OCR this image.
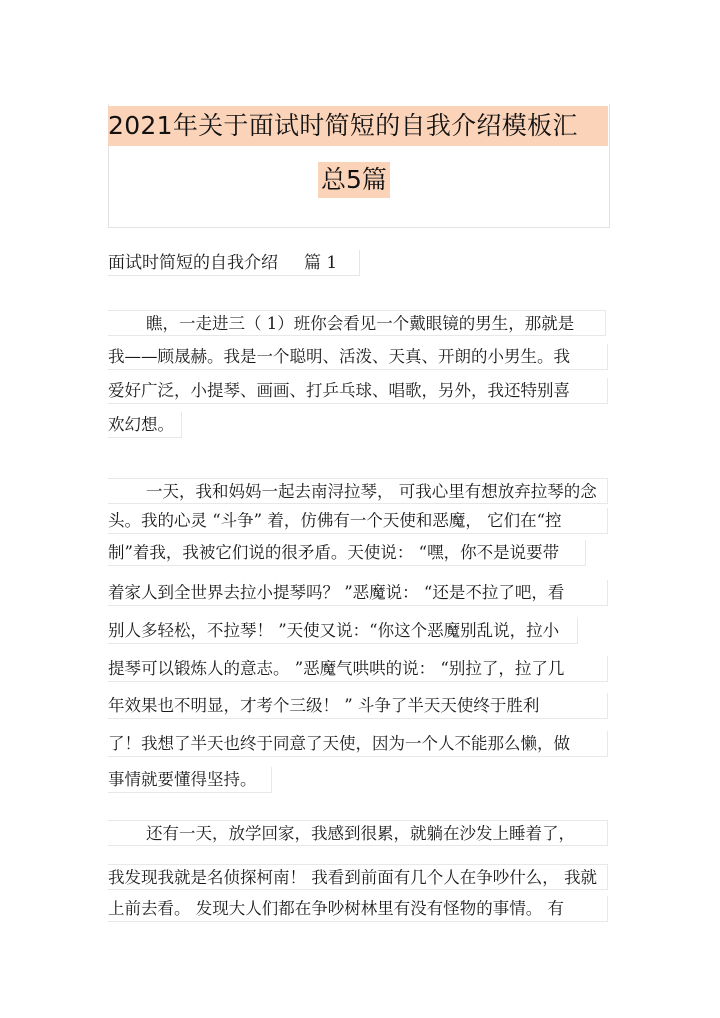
2021年关于面试时简短的自我介绍模板汇
总5篇
面试时简短的自我介绍 篇 1
瞧，一走进三（ 1）班你会看见一个戴眼镜的男生，那就是
我——顾晟赫。我是一个聪明、活泼、天真、开朗的小男生。我
爱好广泛，小提琴、画画、打乒乓球、唱歌，另外，我还特别喜
欢幻想。
一天，我和妈妈一起去南浔拉琴， 可我心里有想放弃拉琴的念
头。我的心灵 “斗争” 着，仿佛有一个天使和恶魔， 它们在“控
制”着我，我被它们说的很矛盾。天使说： “嘿，你不是说要带
着家人到全世界去拉小提琴吗？ ”恶魔说： “还是不拉了吧，看
别人多轻松，不拉琴！ ”天使又说：“你这个恶魔别乱说，拉小
提琴可以锻炼人的意志。 ”恶魔气哄哄的说： “别拉了，拉了几
年效果也不明显，才考个三级！ ” 斗争了半天天使终于胜利
了！我想了半天也终于同意了天使，因为一个人不能那么懒，做
事情就要懂得坚持。
还有一天，放学回家，我感到很累，就躺在沙发上睡着了，
我发现我就是名侦探柯南！ 我看到前面有几个人在争吵什么， 我就
上前去看。 发现大人们都在争吵树林里有没有怪物的事情。 有
